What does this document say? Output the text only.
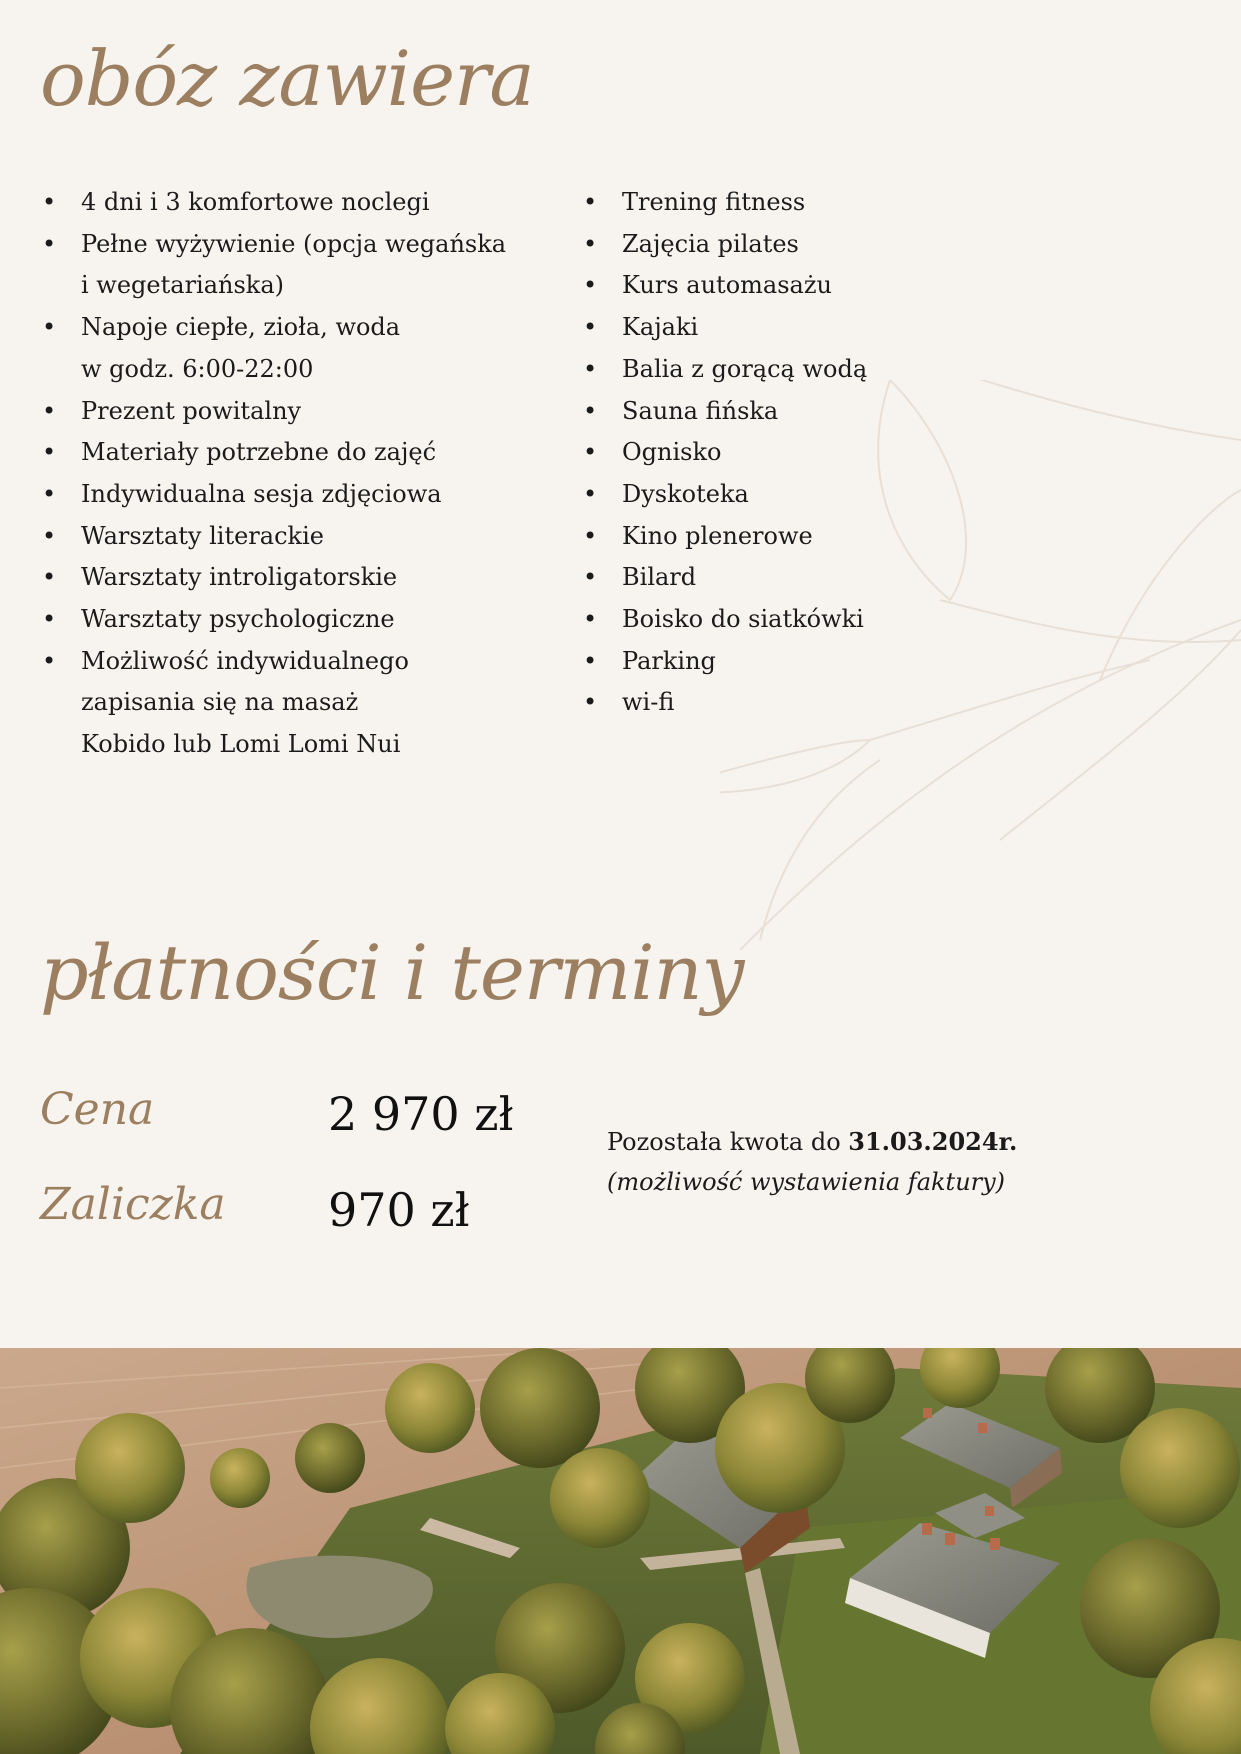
obóz zawiera
• 4 dni i 3 komfortowe noclegi
• Pełne wyżywienie (opcja wegańska
i wegetariańska)
• Napoje ciepłe, zioła, woda
w godz. 6:00-22:00
• Prezent powitalny
• Materiały potrzebne do zajęć
• Indywidualna sesja zdjęciowa
• Warsztaty literackie
• Warsztaty introligatorskie
• Warsztaty psychologiczne
• Możliwość indywidualnego
zapisania się na masaż
Kobido lub Lomi Lomi Nui
• Trening fitness
• Zajęcia pilates
• Kurs automasażu
• Kajaki
• Balia z gorącą wodą
• Sauna fińska
• Ognisko
• Dyskoteka
• Kino plenerowe
• Bilard
• Boisko do siatkówki
• Parking
• wi-fi
płatności i terminy

Cena	2 970 zł

Zaliczka 970 zł

Pozostała kwota do 31.03.2024r.
(możliwość wystawienia faktury)
